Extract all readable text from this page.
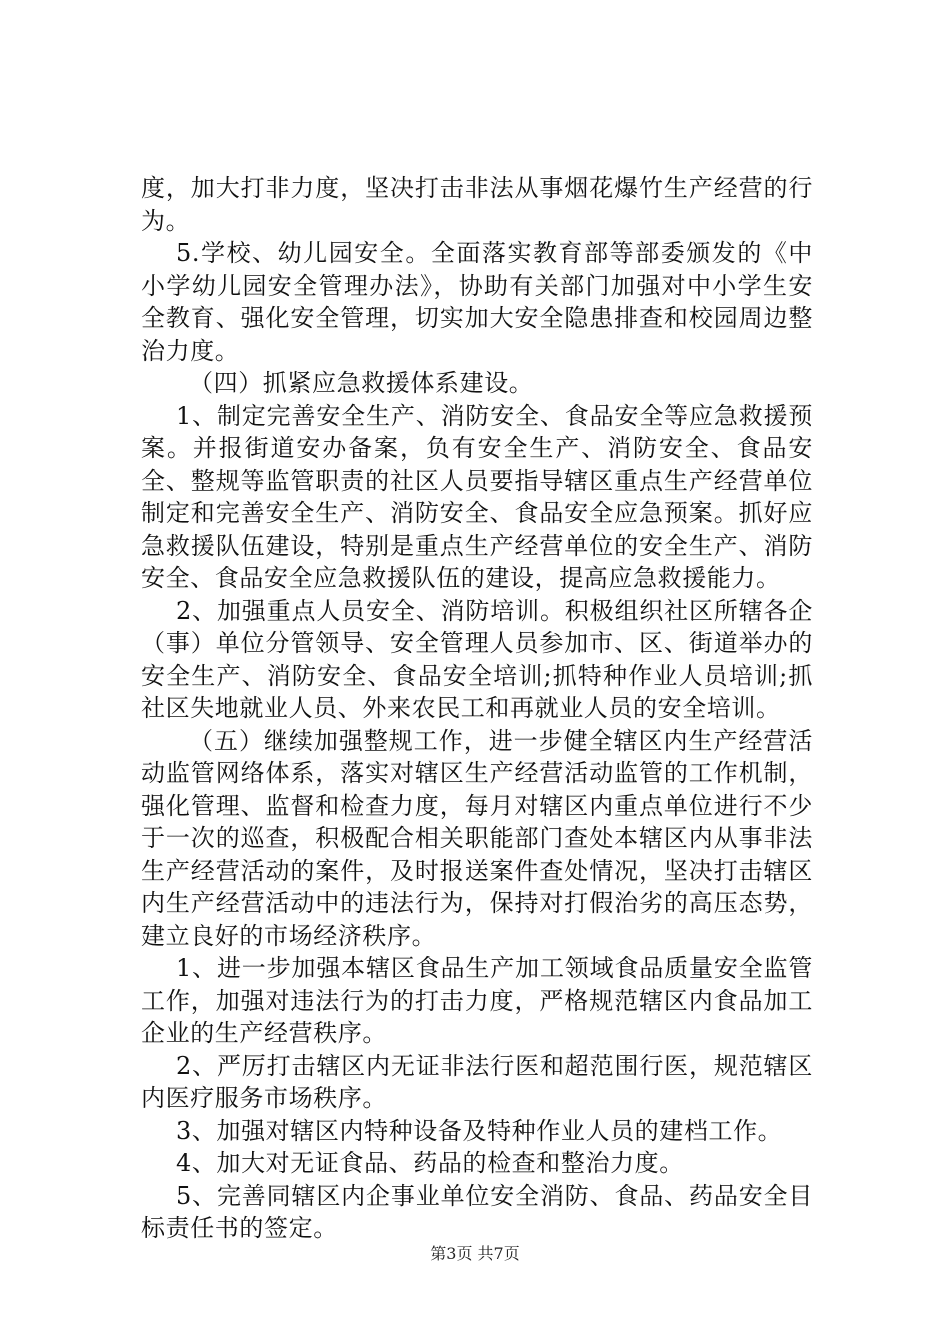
度，加大打非力度，坚决打击非法从事烟花爆竹生产经营的行为。

5.学校、幼儿园安全。全面落实教育部等部委颁发的《中小学幼儿园安全管理办法》，协助有关部门加强对中小学生安全教育、强化安全管理，切实加大安全隐患排查和校园周边整治力度。

（四）抓紧应急救援体系建设。

1、制定完善安全生产、消防安全、食品安全等应急救援预案。并报街道安办备案，负有安全生产、消防安全、食品安全、整规等监管职责的社区人员要指导辖区重点生产经营单位制定和完善安全生产、消防安全、食品安全应急预案。抓好应急救援队伍建设，特别是重点生产经营单位的安全生产、消防安全、食品安全应急救援队伍的建设，提高应急救援能力。

2、加强重点人员安全、消防培训。积极组织社区所辖各企（事）单位分管领导、安全管理人员参加市、区、街道举办的安全生产、消防安全、食品安全培训;抓特种作业人员培训;抓社区失地就业人员、外来农民工和再就业人员的安全培训。

（五）继续加强整规工作，进一步健全辖区内生产经营活动监管网络体系，落实对辖区生产经营活动监管的工作机制，强化管理、监督和检查力度，每月对辖区内重点单位进行不少于一次的巡查，积极配合相关职能部门查处本辖区内从事非法生产经营活动的案件，及时报送案件查处情况，坚决打击辖区内生产经营活动中的违法行为，保持对打假治劣的高压态势，建立良好的市场经济秩序。

1、进一步加强本辖区食品生产加工领域食品质量安全监管工作，加强对违法行为的打击力度，严格规范辖区内食品加工企业的生产经营秩序。

2、严厉打击辖区内无证非法行医和超范围行医，规范辖区内医疗服务市场秩序。

3、加强对辖区内特种设备及特种作业人员的建档工作。

4、加大对无证食品、药品的检查和整治力度。

5、完善同辖区内企事业单位安全消防、食品、药品安全目标责任书的签定。

第3页 共7页
